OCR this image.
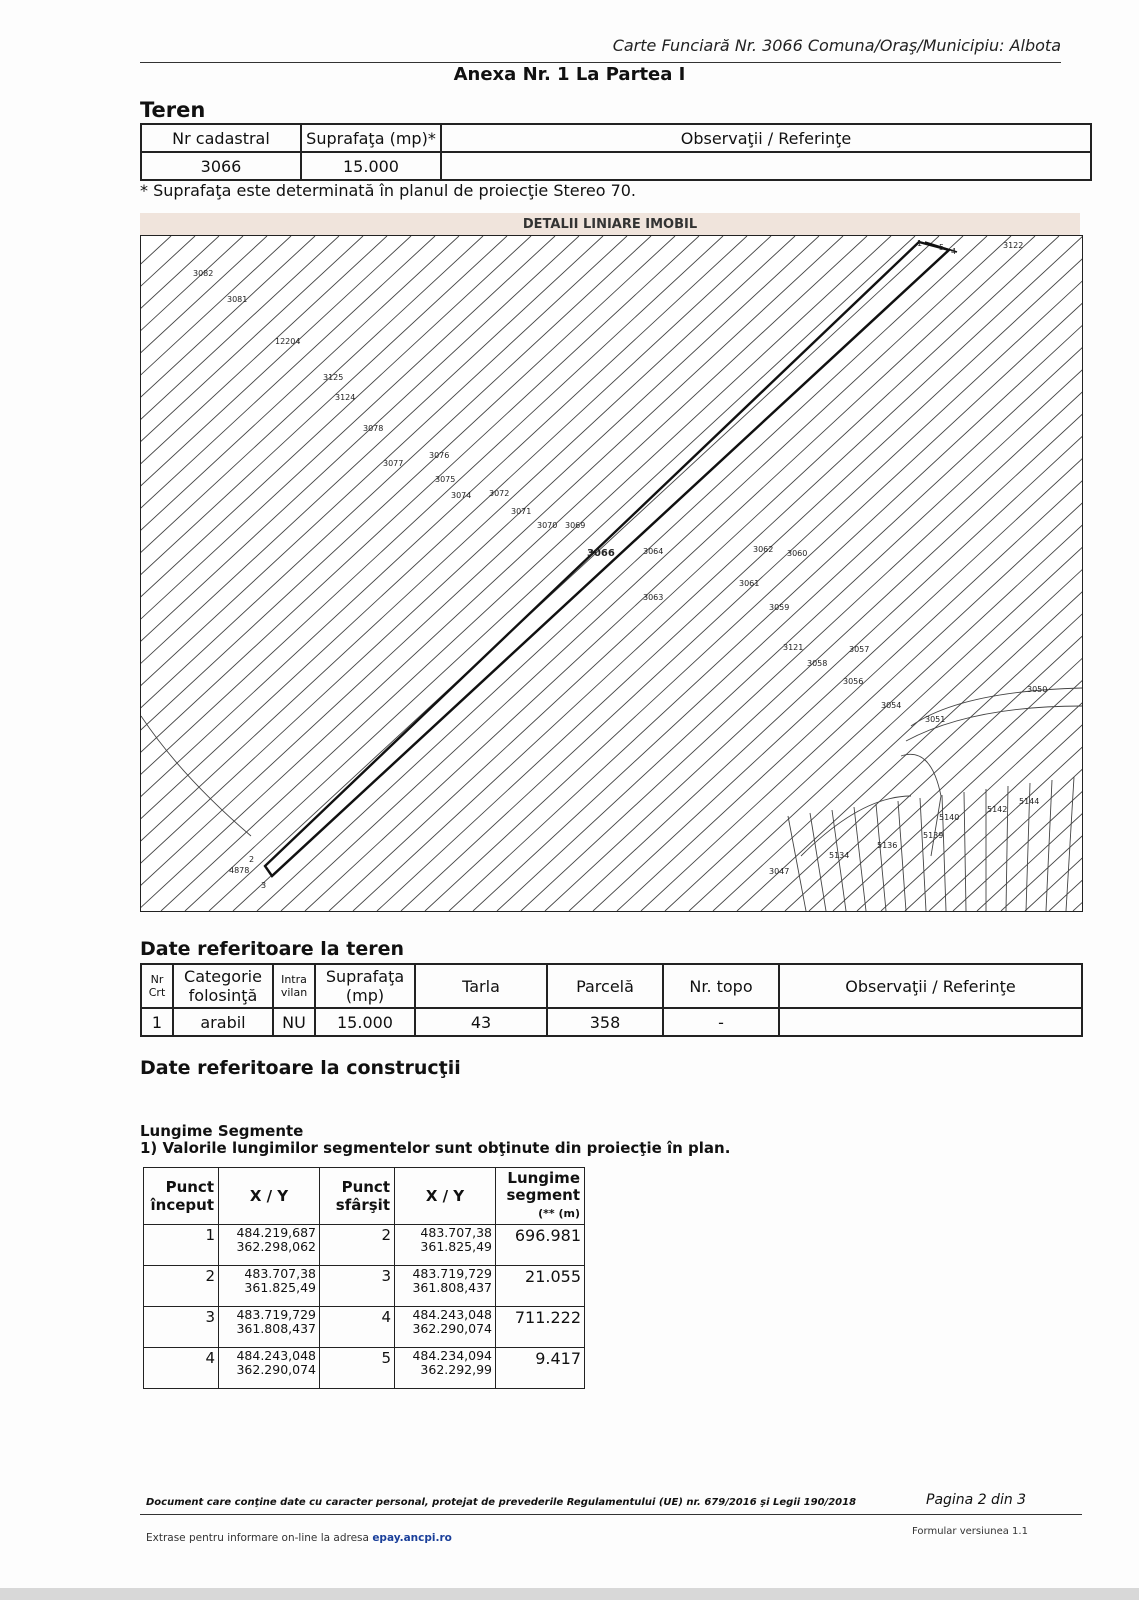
Carte Funciară Nr. 3066 Comuna/Oraş/Municipiu: Albota
Anexa Nr. 1 La Partea I
Teren
Nr cadastral	Suprafaţa (mp)*	Observaţii / Referinţe
3066	15.000	
* Suprafaţa este determinată în planul de proiecţie Stereo 70.
DETALII LINIARE IMOBIL
3082
3081
12204
3125
3124
3078
3077
3076
3075
3074 3072
3071
3070 3069
3066	3064	3062 3060
3061
3063
3059
3121
3058
3057
3056
3054
3051
3050
5144
5142
5140
5139
5136
5134
3047
3122
4878
1 5 4
2
3
Date referitoare la teren
Nr Crt	Categorie folosinţă	Intra vilan	Suprafaţa (mp)	Tarla	Parcelă	Nr. topo	Observaţii / Referinţe
1	arabil	NU	15.000	43	358	-	
Date referitoare la construcţii
Lungime Segmente
1) Valorile lungimilor segmentelor sunt obţinute din proiecţie în plan.
Punct început	X / Y	Punct sfârşit	X / Y	Lungime segment
(** (m)
1	484.219,687
362.298,062	2	483.707,38
361.825,49	696.981
2	483.707,38
361.825,49	3	483.719,729
361.808,437	21.055
3	483.719,729
361.808,437	4	484.243,048
362.290,074	711.222
4	484.243,048
362.290,074	5	484.234,094
362.292,99	9.417
Document care conţine date cu caracter personal, protejat de prevederile Regulamentului (UE) nr. 679/2016 şi Legii 190/2018	Pagina 2 din 3
Extrase pentru informare on-line la adresa epay.ancpi.ro
Formular versiunea 1.1
